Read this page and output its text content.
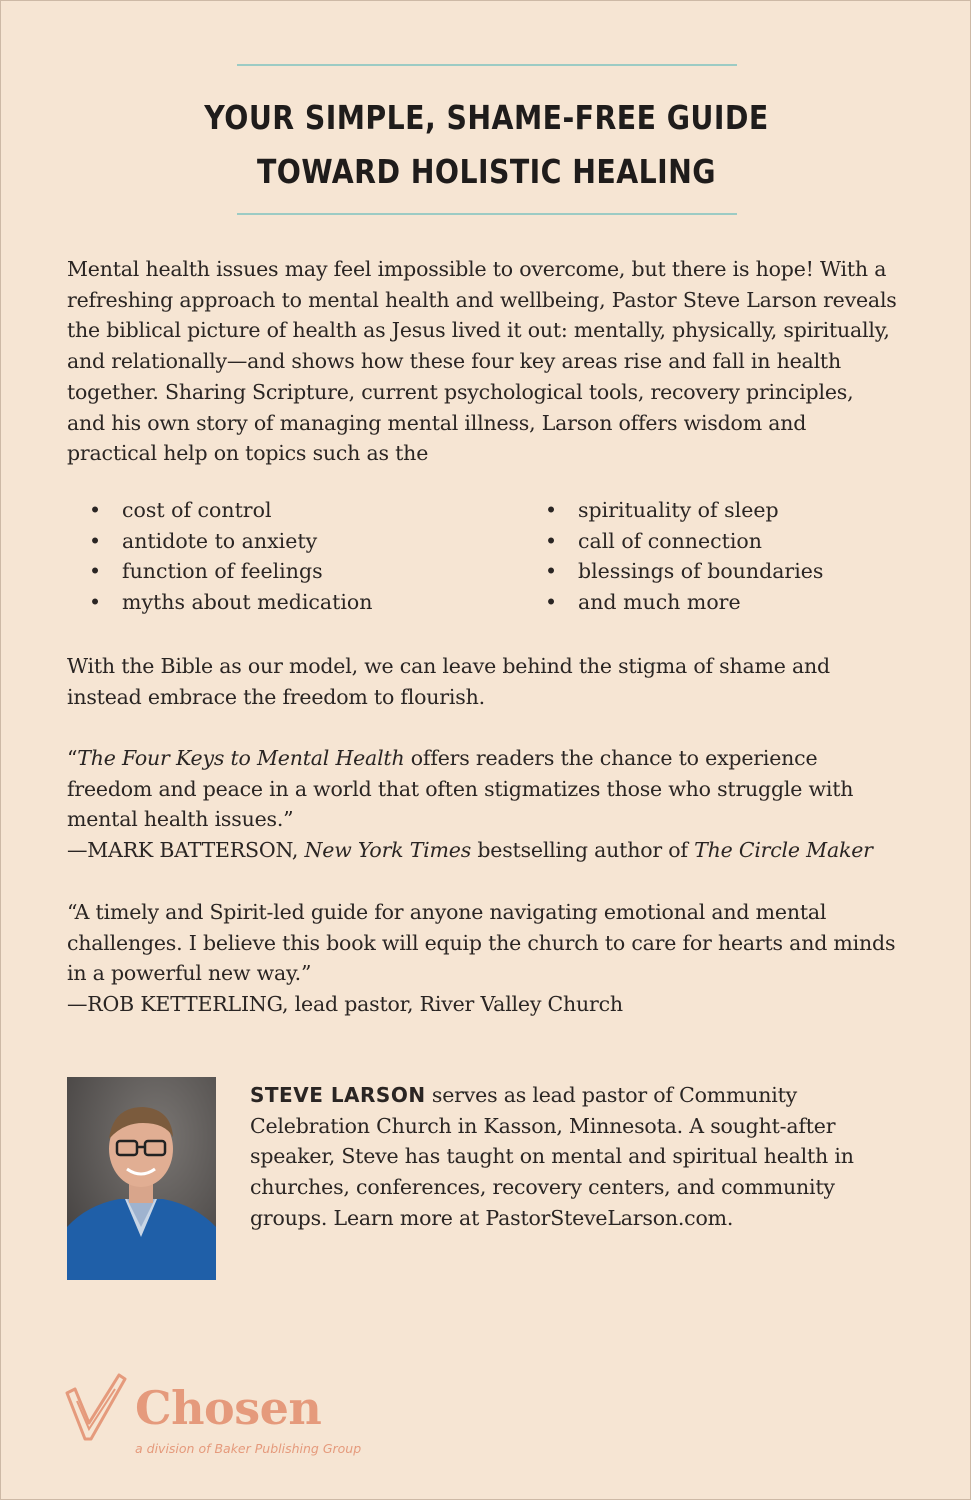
YOUR SIMPLE, SHAME-FREE GUIDE
TOWARD HOLISTIC HEALING
Mental health issues may feel impossible to overcome, but there is hope! With a refreshing approach to mental health and wellbeing, Pastor Steve Larson reveals the biblical picture of health as Jesus lived it out: mentally, physically, spiritually, and relationally—and shows how these four key areas rise and fall in health together. Sharing Scripture, current psychological tools, recovery principles, and his own story of managing mental illness, Larson offers wisdom and practical help on topics such as the
• cost of control
• antidote to anxiety
• function of feelings
• myths about medication
• spirituality of sleep
• call of connection
• blessings of boundaries
• and much more
With the Bible as our model, we can leave behind the stigma of shame and instead embrace the freedom to flourish.
“The Four Keys to Mental Health offers readers the chance to experience freedom and peace in a world that often stigmatizes those who struggle with mental health issues.”
—MARK BATTERSON, New York Times bestselling author of The Circle Maker
“A timely and Spirit-led guide for anyone navigating emotional and mental challenges. I believe this book will equip the church to care for hearts and minds in a powerful new way.”
—ROB KETTERLING, lead pastor, River Valley Church
STEVE LARSON serves as lead pastor of Community Celebration Church in Kasson, Minnesota. A sought-after speaker, Steve has taught on mental and spiritual health in churches, conferences, recovery centers, and community groups. Learn more at PastorSteveLarson.com.
Chosen
a division of Baker Publishing Group
